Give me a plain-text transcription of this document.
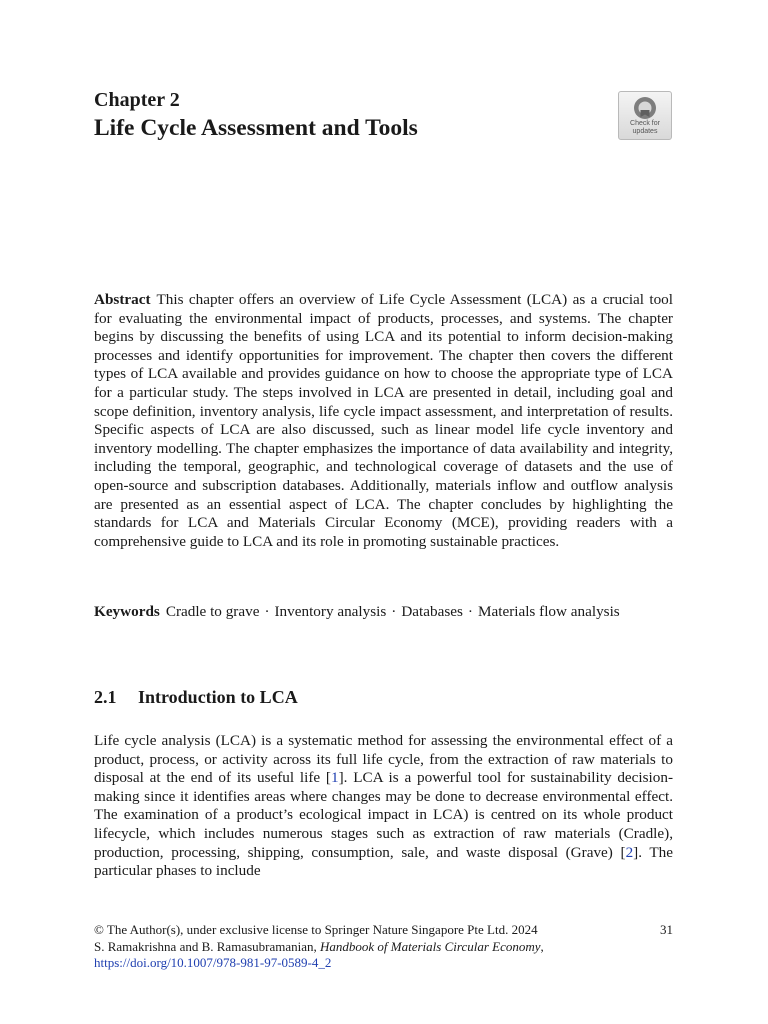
Chapter 2
Life Cycle Assessment and Tools	Check for
updates

Abstract This chapter offers an overview of Life Cycle Assessment (LCA) as a crucial tool for evaluating the environmental impact of products, processes, and systems. The chapter begins by discussing the benefits of using LCA and its potential to inform decision-making processes and identify opportunities for improvement. The chapter then covers the different types of LCA available and provides guidance on how to choose the appropriate type of LCA for a particular study. The steps involved in LCA are presented in detail, including goal and scope definition, inventory analysis, life cycle impact assessment, and interpretation of results. Specific aspects of LCA are also discussed, such as linear model life cycle inventory and inventory modelling. The chapter emphasizes the importance of data availability and integrity, including the temporal, geographic, and technological coverage of datasets and the use of open-source and subscription databases. Additionally, materials inflow and outflow analysis are presented as an essential aspect of LCA. The chapter concludes by highlighting the standards for LCA and Materials Circular Economy (MCE), providing readers with a comprehensive guide to LCA and its role in promoting sustainable practices.

Keywords Cradle to grave · Inventory analysis · Databases · Materials flow analysis

2.1 Introduction to LCA

Life cycle analysis (LCA) is a systematic method for assessing the environmental effect of a product, process, or activity across its full life cycle, from the extraction of raw materials to disposal at the end of its useful life [1]. LCA is a powerful tool for sustainability decision-making since it identifies areas where changes may be done to decrease environmental effect. The examination of a product’s ecological impact in LCA) is centred on its whole product lifecycle, which includes numerous stages such as extraction of raw materials (Cradle), production, processing, shipping, consumption, sale, and waste disposal (Grave) [2]. The particular phases to include

© The Author(s), under exclusive license to Springer Nature Singapore Pte Ltd. 2024	31
S. Ramakrishna and B. Ramasubramanian, Handbook of Materials Circular Economy,
https://doi.org/10.1007/978-981-97-0589-4_2
